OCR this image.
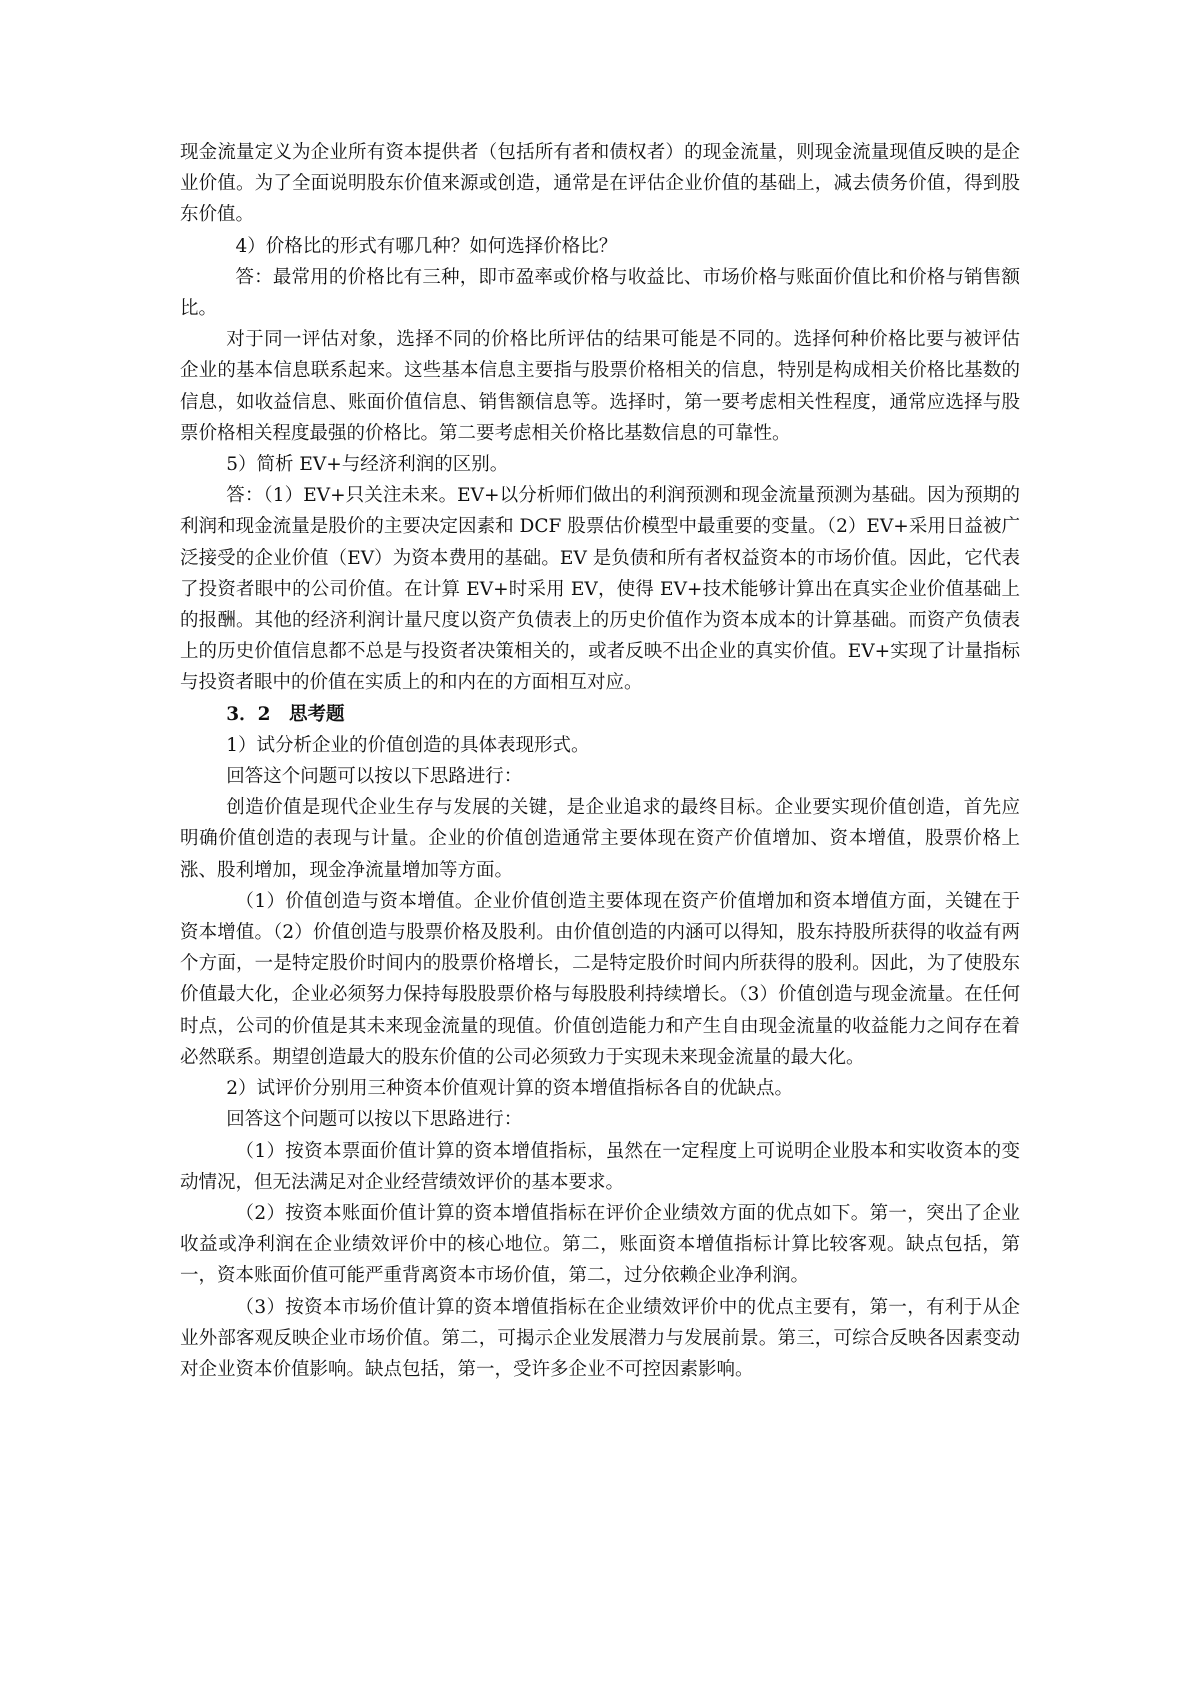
现金流量定义为企业所有资本提供者（包括所有者和债权者）的现金流量，则现金流量现值反映的是企业价值。为了全面说明股东价值来源或创造，通常是在评估企业价值的基础上，减去债务价值，得到股东价值。

4）价格比的形式有哪几种？如何选择价格比？

答：最常用的价格比有三种，即市盈率或价格与收益比、市场价格与账面价值比和价格与销售额比。

对于同一评估对象，选择不同的价格比所评估的结果可能是不同的。选择何种价格比要与被评估企业的基本信息联系起来。这些基本信息主要指与股票价格相关的信息，特别是构成相关价格比基数的信息，如收益信息、账面价值信息、销售额信息等。选择时，第一要考虑相关性程度，通常应选择与股票价格相关程度最强的价格比。第二要考虑相关价格比基数信息的可靠性。

5）简析 EV+与经济利润的区别。

答：（1）EV+只关注未来。EV+以分析师们做出的利润预测和现金流量预测为基础。因为预期的利润和现金流量是股价的主要决定因素和 DCF 股票估价模型中最重要的变量。（2）EV+采用日益被广泛接受的企业价值（EV）为资本费用的基础。EV 是负债和所有者权益资本的市场价值。因此，它代表了投资者眼中的公司价值。在计算 EV+时采用 EV，使得 EV+技术能够计算出在真实企业价值基础上的报酬。其他的经济利润计量尺度以资产负债表上的历史价值作为资本成本的计算基础。而资产负债表上的历史价值信息都不总是与投资者决策相关的，或者反映不出企业的真实价值。EV+实现了计量指标与投资者眼中的价值在实质上的和内在的方面相互对应。

3．2　思考题

1）试分析企业的价值创造的具体表现形式。

回答这个问题可以按以下思路进行：

创造价值是现代企业生存与发展的关键，是企业追求的最终目标。企业要实现价值创造，首先应明确价值创造的表现与计量。企业的价值创造通常主要体现在资产价值增加、资本增值，股票价格上涨、股利增加，现金净流量增加等方面。

（1）价值创造与资本增值。企业价值创造主要体现在资产价值增加和资本增值方面，关键在于资本增值。（2）价值创造与股票价格及股利。由价值创造的内涵可以得知，股东持股所获得的收益有两个方面，一是特定股价时间内的股票价格增长，二是特定股价时间内所获得的股利。因此，为了使股东价值最大化，企业必须努力保持每股股票价格与每股股利持续增长。（3）价值创造与现金流量。在任何时点，公司的价值是其未来现金流量的现值。价值创造能力和产生自由现金流量的收益能力之间存在着必然联系。期望创造最大的股东价值的公司必须致力于实现未来现金流量的最大化。

2）试评价分别用三种资本价值观计算的资本增值指标各自的优缺点。

回答这个问题可以按以下思路进行：

（1）按资本票面价值计算的资本增值指标，虽然在一定程度上可说明企业股本和实收资本的变动情况，但无法满足对企业经营绩效评价的基本要求。

（2）按资本账面价值计算的资本增值指标在评价企业绩效方面的优点如下。第一，突出了企业收益或净利润在企业绩效评价中的核心地位。第二，账面资本增值指标计算比较客观。缺点包括，第一，资本账面价值可能严重背离资本市场价值，第二，过分依赖企业净利润。

（3）按资本市场价值计算的资本增值指标在企业绩效评价中的优点主要有，第一，有利于从企业外部客观反映企业市场价值。第二，可揭示企业发展潜力与发展前景。第三，可综合反映各因素变动对企业资本价值影响。缺点包括，第一，受许多企业不可控因素影响。
